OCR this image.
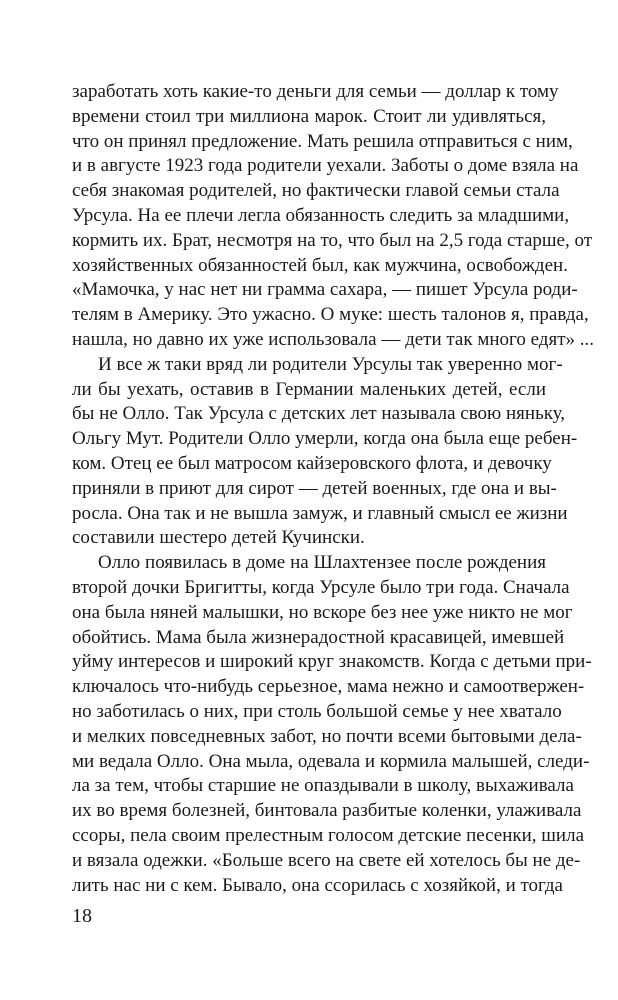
заработать хоть какие-то деньги для семьи — доллар к тому
времени стоил три миллиона марок. Стоит ли удивляться,
что он принял предложение. Мать решила отправиться с ним,
и в августе 1923 года родители уехали. Заботы о доме взяла на
себя знакомая родителей, но фактически главой семьи стала
Урсула. На ее плечи легла обязанность следить за младшими,
кормить их. Брат, несмотря на то, что был на 2,5 года старше, от
хозяйственных обязанностей был, как мужчина, освобожден.
«Мамочка, у нас нет ни грамма сахара, — пишет Урсула роди-
телям в Америку. Это ужасно. О муке: шесть талонов я, правда,
нашла, но давно их уже использовала — дети так много едят» ...
И все ж таки вряд ли родители Урсулы так уверенно мог-
ли бы уехать, оставив в Германии маленьких детей, если
бы не Олло. Так Урсула с детских лет называла свою няньку,
Ольгу Мут. Родители Олло умерли, когда она была еще ребен-
ком. Отец ее был матросом кайзеровского флота, и девочку
приняли в приют для сирот — детей военных, где она и вы-
росла. Она так и не вышла замуж, и главный смысл ее жизни
составили шестеро детей Кучински.
Олло появилась в доме на Шлахтензее после рождения
второй дочки Бригитты, когда Урсуле было три года. Сначала
она была няней малышки, но вскоре без нее уже никто не мог
обойтись. Мама была жизнерадостной красавицей, имевшей
уйму интересов и широкий круг знакомств. Когда с детьми при-
ключалось что-нибудь серьезное, мама нежно и самоотвержен-
но заботилась о них, при столь большой семье у нее хватало
и мелких повседневных забот, но почти всеми бытовыми дела-
ми ведала Олло. Она мыла, одевала и кормила малышей, следи-
ла за тем, чтобы старшие не опаздывали в школу, выхаживала
их во время болезней, бинтовала разбитые коленки, улаживала
ссоры, пела своим прелестным голосом детские песенки, шила
и вязала одежки. «Больше всего на свете ей хотелось бы не де-
лить нас ни с кем. Бывало, она ссорилась с хозяйкой, и тогда
18
